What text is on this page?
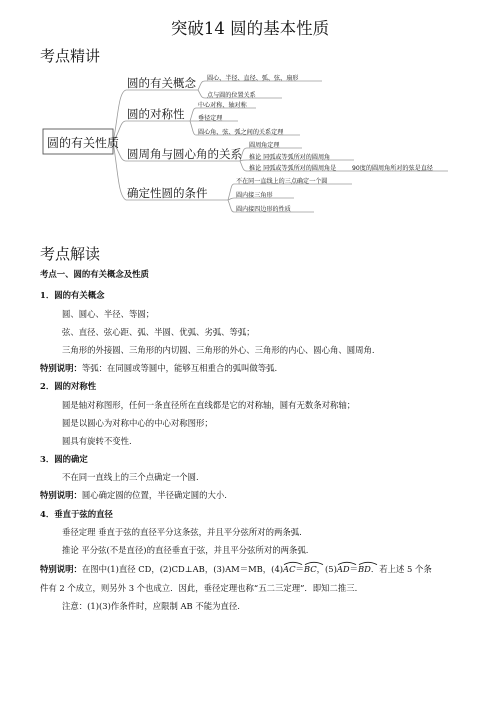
突破14 圆的基本性质
考点精讲
圆的有关性质
圆的有关概念
圆的对称性
圆周角与圆心角的关系
确定性圆的条件
圆心、半径、直径、弧、弦、扇形
点与圆的位置关系
中心对称、轴对称
垂径定理
圆心角、弦、弧之间的关系定理
圆周角定理
推论 同弧或等弧所对的圆周角
推论 同弧或等弧所对的圆周角是	90度的圆周角所对的弦是直径
不在同一直线上的三点确定一个圆
圆内接三角形
圆内接四边形的性质
考点解读
考点一、圆的有关概念及性质
1．圆的有关概念
圆、圆心、半径、等圆；
弦、直径、弦心距、弧、半圆、优弧、劣弧、等弧；
三角形的外接圆、三角形的内切圆、三角形的外心、三角形的内心、圆心角、圆周角.
特别说明：等弧：在同圆或等圆中，能够互相重合的弧叫做等弧.
2．圆的对称性
圆是轴对称图形，任何一条直径所在直线都是它的对称轴，圆有无数条对称轴；
圆是以圆心为对称中心的中心对称图形；
圆具有旋转不变性.
3．圆的确定
不在同一直线上的三个点确定一个圆.
特别说明：圆心确定圆的位置，半径确定圆的大小.
4．垂直于弦的直径
垂径定理 垂直于弦的直径平分这条弦，并且平分弦所对的两条弧.
推论 平分弦(不是直径)的直径垂直于弦，并且平分弦所对的两条弧.
特别说明：在图中(1)直径 CD，(2)CD⊥AB，(3)AM＝MB，(4)
AC＝
BC，(5)
AD＝
BD．若上述 5 个条
件有 2 个成立，则另外 3 个也成立．因此，垂径定理也称“五二三定理”．即知二推三.
注意：(1)(3)作条件时，应限制 AB 不能为直径.
